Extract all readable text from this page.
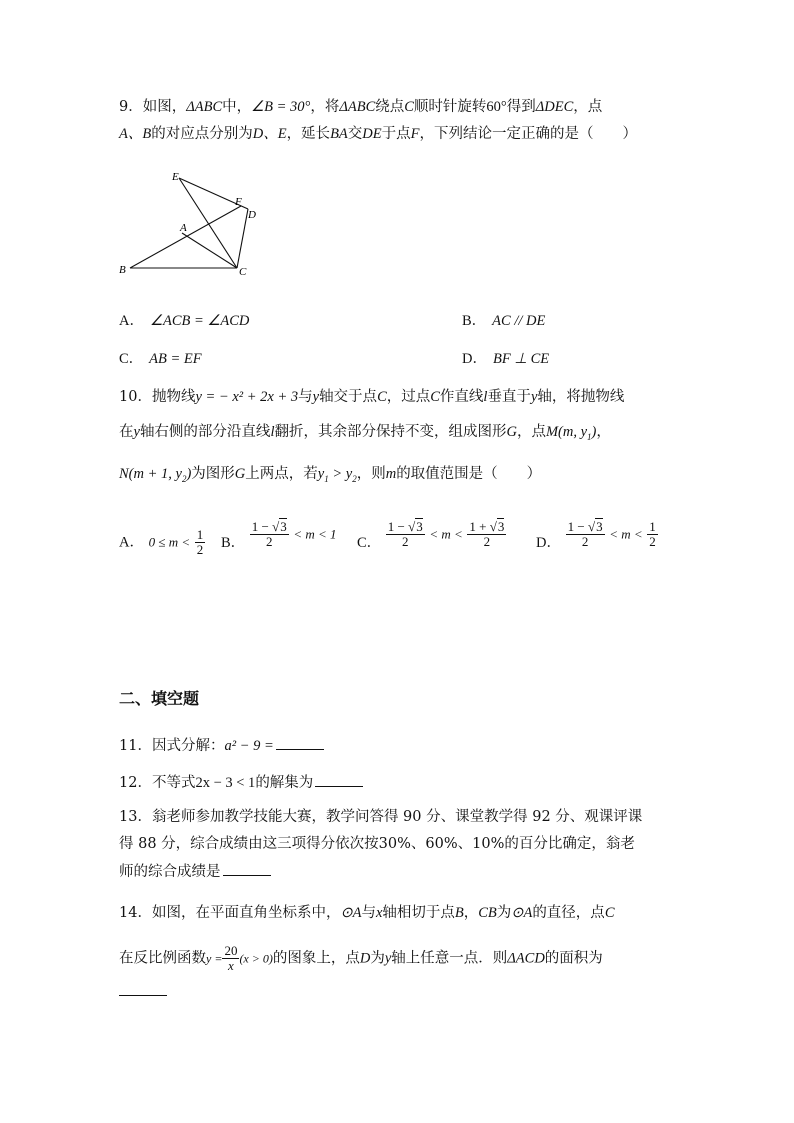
9．如图，ΔABC中，∠B = 30°，将ΔABC绕点C顺时针旋转60°得到ΔDEC，点
A、B的对应点分别为D、E，延长BA交DE于点F，下列结论一定正确的是（　　）
E
F
D
A
B	C
A． ∠ACB = ∠ACD	B． AC // DE
C． AB = EF	D． BF ⊥ CE
10．抛物线y = − x² + 2x + 3与y轴交于点C，过点C作直线l垂直于y轴，将抛物线
在y轴右侧的部分沿直线l翻折，其余部分保持不变，组成图形G，点M(m, $y_1$)，
N(m + 1, $y_2$)为图形G上两点，若$y_1 > y_2$，则m的取值范围是（　　）
A． $0 \le m < \frac{1}{2}$ B． $\frac{1 - √3}{2} < m < 1$
C． $\frac{1 - √3}{2} < m < \frac{1 + √3}{2}$ D． $\frac{1 - √3}{2} < m < \frac{1}{2}$
二、填空题
11．因式分解：a² − 9 =
12．不等式2x − 3 < 1的解集为
13．翁老师参加教学技能大赛，教学问答得 90 分、课堂教学得 92 分、观课评课
得 88 分，综合成绩由这三项得分依次按30%、60%、10%的百分比确定，翁老
师的综合成绩是
14．如图，在平面直角坐标系中，⊙A与x轴相切于点B，CB为⊙A的直径，点C
在反比例函数$y = \frac{20}{x} (x > 0)$的图象上，点D为y轴上任意一点．则ΔACD的面积为
